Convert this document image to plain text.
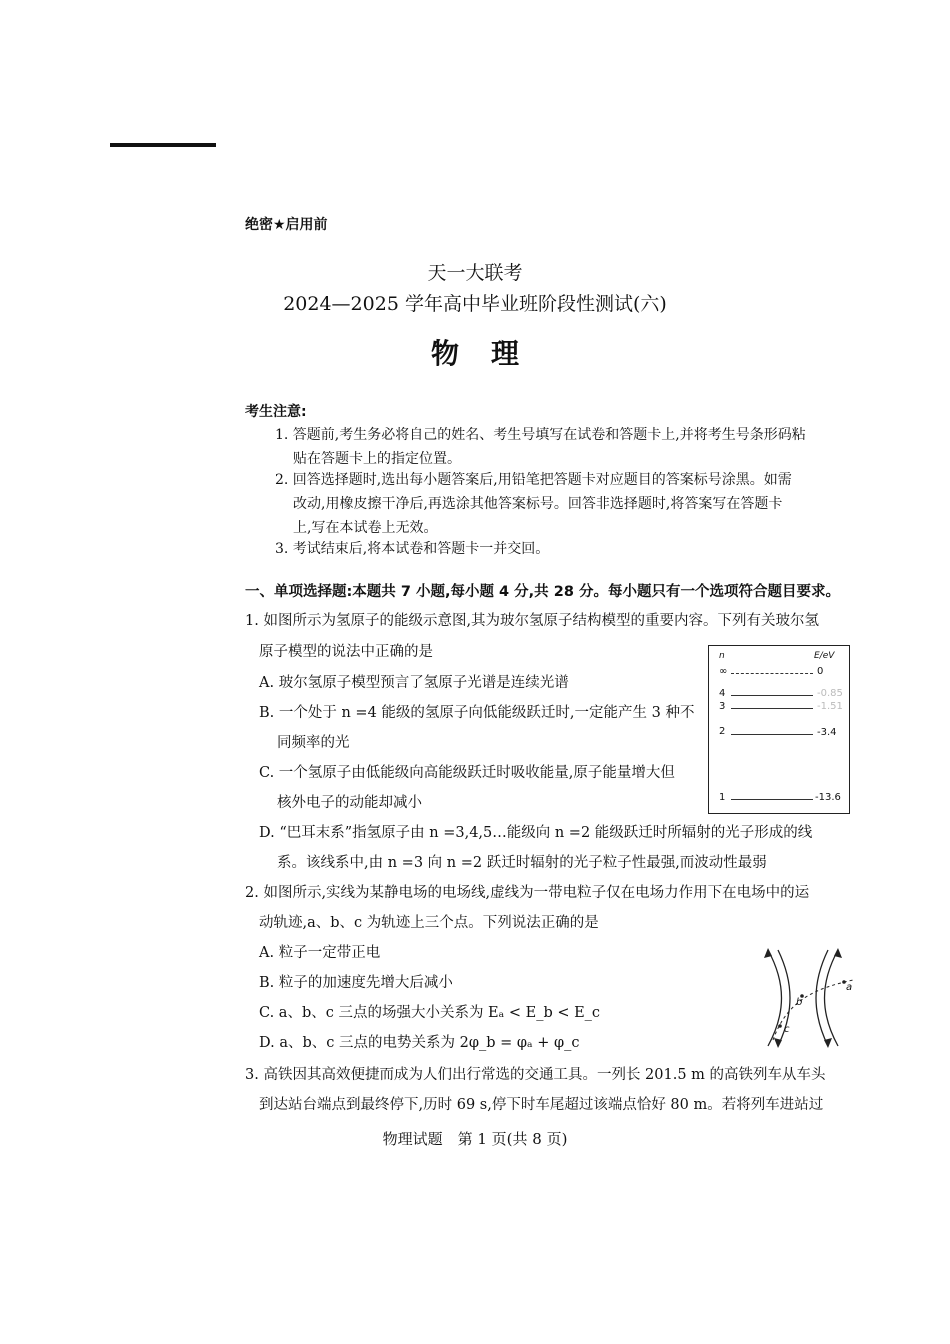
绝密★启用前
天一大联考
2024—2025 学年高中毕业班阶段性测试(六)
物理
考生注意:
1. 答题前,考生务必将自己的姓名、考生号填写在试卷和答题卡上,并将考生号条形码粘
贴在答题卡上的指定位置。
2. 回答选择题时,选出每小题答案后,用铅笔把答题卡对应题目的答案标号涂黑。如需
改动,用橡皮擦干净后,再选涂其他答案标号。回答非选择题时,将答案写在答题卡
上,写在本试卷上无效。
3. 考试结束后,将本试卷和答题卡一并交回。
一、单项选择题:本题共 7 小题,每小题 4 分,共 28 分。每小题只有一个选项符合题目要求。
1. 如图所示为氢原子的能级示意图,其为玻尔氢原子结构模型的重要内容。下列有关玻尔氢
原子模型的说法中正确的是
A. 玻尔氢原子模型预言了氢原子光谱是连续光谱
B. 一个处于 n =4 能级的氢原子向低能级跃迁时,一定能产生 3 种不
同频率的光
C. 一个氢原子由低能级向高能级跃迁时吸收能量,原子能量增大但
核外电子的动能却减小
D. “巴耳末系”指氢原子由 n =3,4,5…能级向 n =2 能级跃迁时所辐射的光子形成的线
系。该线系中,由 n =3 向 n =2 跃迁时辐射的光子粒子性最强,而波动性最弱
n	E/eV
∞	0
4	-0.85
3	-1.51
2	-3.4
1	-13.6
2. 如图所示,实线为某静电场的电场线,虚线为一带电粒子仅在电场力作用下在电场中的运
动轨迹,a、b、c 为轨迹上三个点。下列说法正确的是
A. 粒子一定带正电
B. 粒子的加速度先增大后减小
C. a、b、c 三点的场强大小关系为 Eₐ < E_b < E_c
D. a、b、c 三点的电势关系为 2φ_b = φₐ + φ_c
a
b
c
3. 高铁因其高效便捷而成为人们出行常选的交通工具。一列长 201.5 m 的高铁列车从车头
到达站台端点到最终停下,历时 69 s,停下时车尾超过该端点恰好 80 m。若将列车进站过
物理试题　第 1 页(共 8 页)
